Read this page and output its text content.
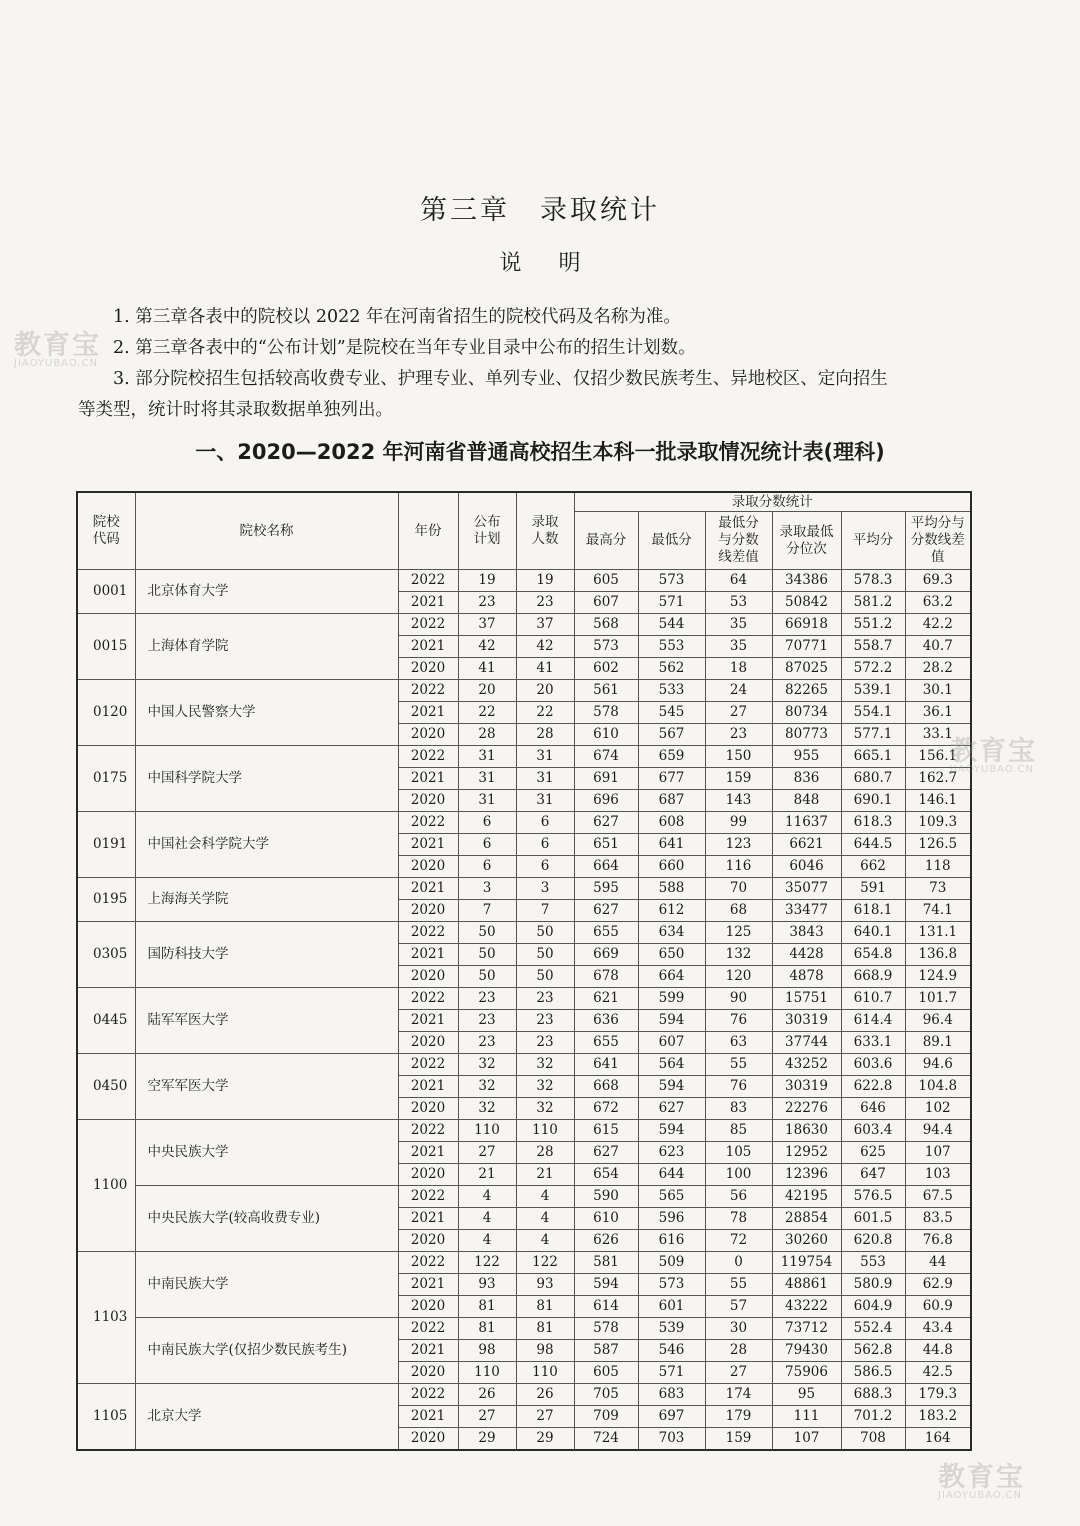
第三章　录取统计
说 明

1. 第三章各表中的院校以 2022 年在河南省招生的院校代码及名称为准。

2. 第三章各表中的“公布计划”是院校在当年专业目录中公布的招生计划数。

3. 部分院校招生包括较高收费专业、护理专业、单列专业、仅招少数民族考生、异地校区、定向招生

等类型，统计时将其录取数据单独列出。

一、2020—2022 年河南省普通高校招生本科一批录取情况统计表(理科)
院校代码	院校名称	年份	公布计划	录取人数	录取分数统计					
					最高分	最低分	最低分与分数线差值	录取最低分位次	平均分	平均分与分数线差值
0001	北京体育大学	2022	19	19	605	573	64	34386	578.3	69.3
		2021	23	23	607	571	53	50842	581.2	63.2
0015	上海体育学院	2022	37	37	568	544	35	66918	551.2	42.2
		2021	42	42	573	553	35	70771	558.7	40.7
		2020	41	41	602	562	18	87025	572.2	28.2
0120	中国人民警察大学	2022	20	20	561	533	24	82265	539.1	30.1
		2021	22	22	578	545	27	80734	554.1	36.1
		2020	28	28	610	567	23	80773	577.1	33.1
0175	中国科学院大学	2022	31	31	674	659	150	955	665.1	156.1
		2021	31	31	691	677	159	836	680.7	162.7
		2020	31	31	696	687	143	848	690.1	146.1
0191	中国社会科学院大学	2022	6	6	627	608	99	11637	618.3	109.3
		2021	6	6	651	641	123	6621	644.5	126.5
		2020	6	6	664	660	116	6046	662	118
0195	上海海关学院	2021	3	3	595	588	70	35077	591	73
		2020	7	7	627	612	68	33477	618.1	74.1
0305	国防科技大学	2022	50	50	655	634	125	3843	640.1	131.1
		2021	50	50	669	650	132	4428	654.8	136.8
		2020	50	50	678	664	120	4878	668.9	124.9
0445	陆军军医大学	2022	23	23	621	599	90	15751	610.7	101.7
		2021	23	23	636	594	76	30319	614.4	96.4
		2020	23	23	655	607	63	37744	633.1	89.1
0450	空军军医大学	2022	32	32	641	564	55	43252	603.6	94.6
		2021	32	32	668	594	76	30319	622.8	104.8
		2020	32	32	672	627	83	22276	646	102
1100	中央民族大学	2022	110	110	615	594	85	18630	603.4	94.4
		2021	27	28	627	623	105	12952	625	107
		2020	21	21	654	644	100	12396	647	103
	中央民族大学(较高收费专业)	2022	4	4	590	565	56	42195	576.5	67.5
		2021	4	4	610	596	78	28854	601.5	83.5
		2020	4	4	626	616	72	30260	620.8	76.8
1103	中南民族大学	2022	122	122	581	509	0	119754	553	44
		2021	93	93	594	573	55	48861	580.9	62.9
		2020	81	81	614	601	57	43222	604.9	60.9
	中南民族大学(仅招少数民族考生)	2022	81	81	578	539	30	73712	552.4	43.4
		2021	98	98	587	546	28	79430	562.8	44.8
		2020	110	110	605	571	27	75906	586.5	42.5
1105	北京大学	2022	26	26	705	683	174	95	688.3	179.3
		2021	27	27	709	697	179	111	701.2	183.2
		2020	29	29	724	703	159	107	708	164
教育宝
JIAOYUBAO.CN
教育宝
JIAOYUBAO.CN
教育宝
JIAOYUBAO.CN
